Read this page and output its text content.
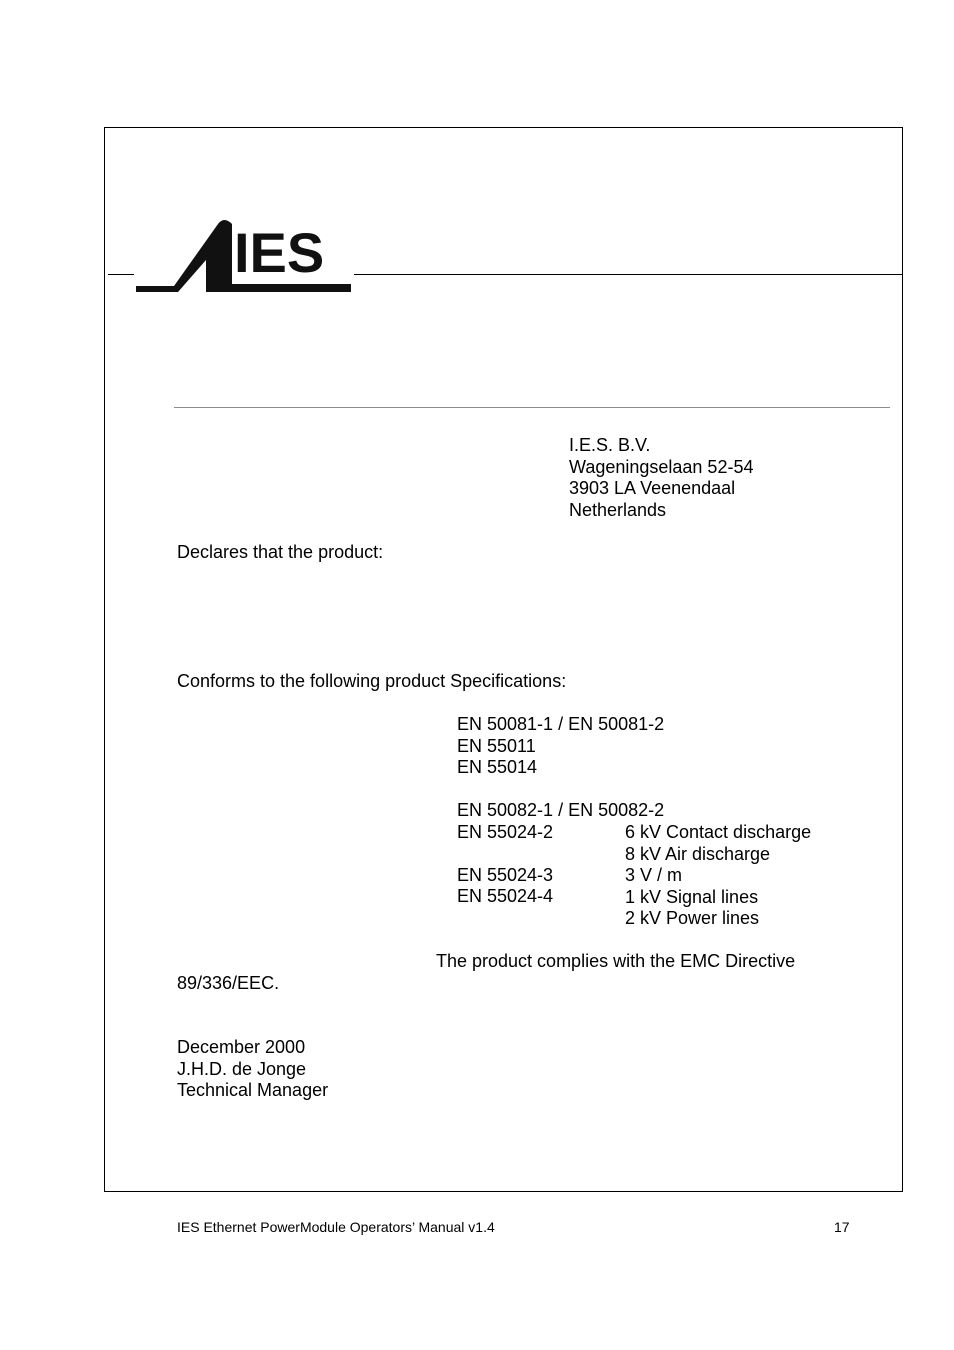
IES
I.E.S. B.V.
Wageningselaan 52-54
3903 LA Veenendaal
Netherlands
Declares that the product:
Conforms to the following product Specifications:
EN 50081-1 / EN 50081-2
EN 55011
EN 55014
EN 50082-1 / EN 50082-2
EN 55024-2

EN 55024-3
EN 55024-4
6 kV Contact discharge
8 kV Air discharge
3 V / m
1 kV Signal lines
2 kV Power lines
The product complies with the EMC Directive
89/336/EEC.
December 2000
J.H.D. de Jonge
Technical Manager
IES Ethernet PowerModule Operators’ Manual v1.4	17
